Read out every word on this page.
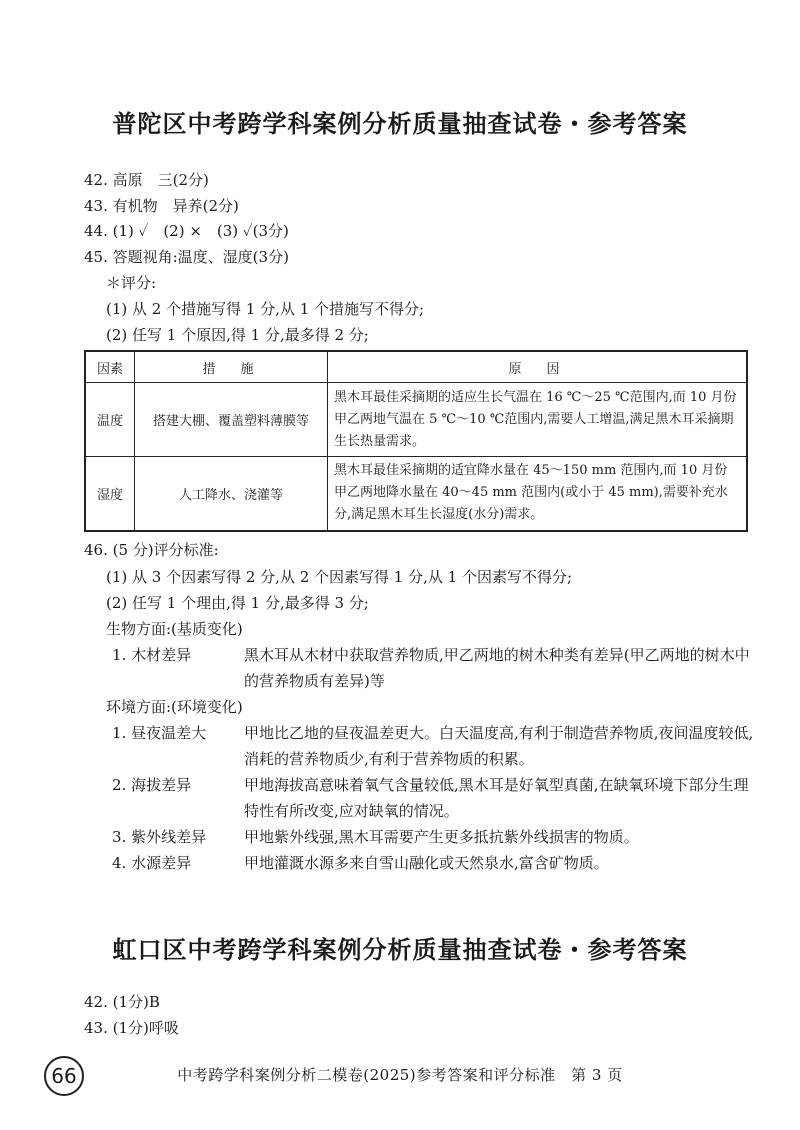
普陀区中考跨学科案例分析质量抽查试卷・参考答案
42. 高原　三(2分)
43. 有机物　异养(2分)
44. (1) ✓　(2) ×　(3) ✓(3分)
45. 答题视角:温度、湿度(3分)
＊评分:
(1) 从 2 个措施写得 1 分,从 1 个措施写不得分;
(2) 任写 1 个原因,得 1 分,最多得 2 分;
因素	措　施	原　因
温度	搭建大棚、覆盖塑料薄膜等	黑木耳最佳采摘期的适应生长气温在 16 ℃～25 ℃范围内,而 10 月份甲乙两地气温在 5 ℃～10 ℃范围内,需要人工增温,满足黑木耳采摘期生长热量需求。
湿度	人工降水、浇灌等	黑木耳最佳采摘期的适宜降水量在 45～150 mm 范围内,而 10 月份甲乙两地降水量在 40～45 mm 范围内(或小于 45 mm),需要补充水分,满足黑木耳生长湿度(水分)需求。
46. (5 分)评分标准:
(1) 从 3 个因素写得 2 分,从 2 个因素写得 1 分,从 1 个因素写不得分;
(2) 任写 1 个理由,得 1 分,最多得 3 分;
生物方面:(基质变化)
1. 木材差异	黑木耳从木材中获取营养物质,甲乙两地的树木种类有差异(甲乙两地的树木中的营养物质有差异)等
环境方面:(环境变化)
1. 昼夜温差大	甲地比乙地的昼夜温差更大。白天温度高,有利于制造营养物质,夜间温度较低,消耗的营养物质少,有利于营养物质的积累。
2. 海拔差异	甲地海拔高意味着氧气含量较低,黑木耳是好氧型真菌,在缺氧环境下部分生理特性有所改变,应对缺氧的情况。
3. 紫外线差异	甲地紫外线强,黑木耳需要产生更多抵抗紫外线损害的物质。
4. 水源差异	甲地灌溉水源多来自雪山融化或天然泉水,富含矿物质。
虹口区中考跨学科案例分析质量抽查试卷・参考答案
42. (1分)B
43. (1分)呼吸
66	中考跨学科案例分析二模卷(2025)参考答案和评分标准　第 3 页
